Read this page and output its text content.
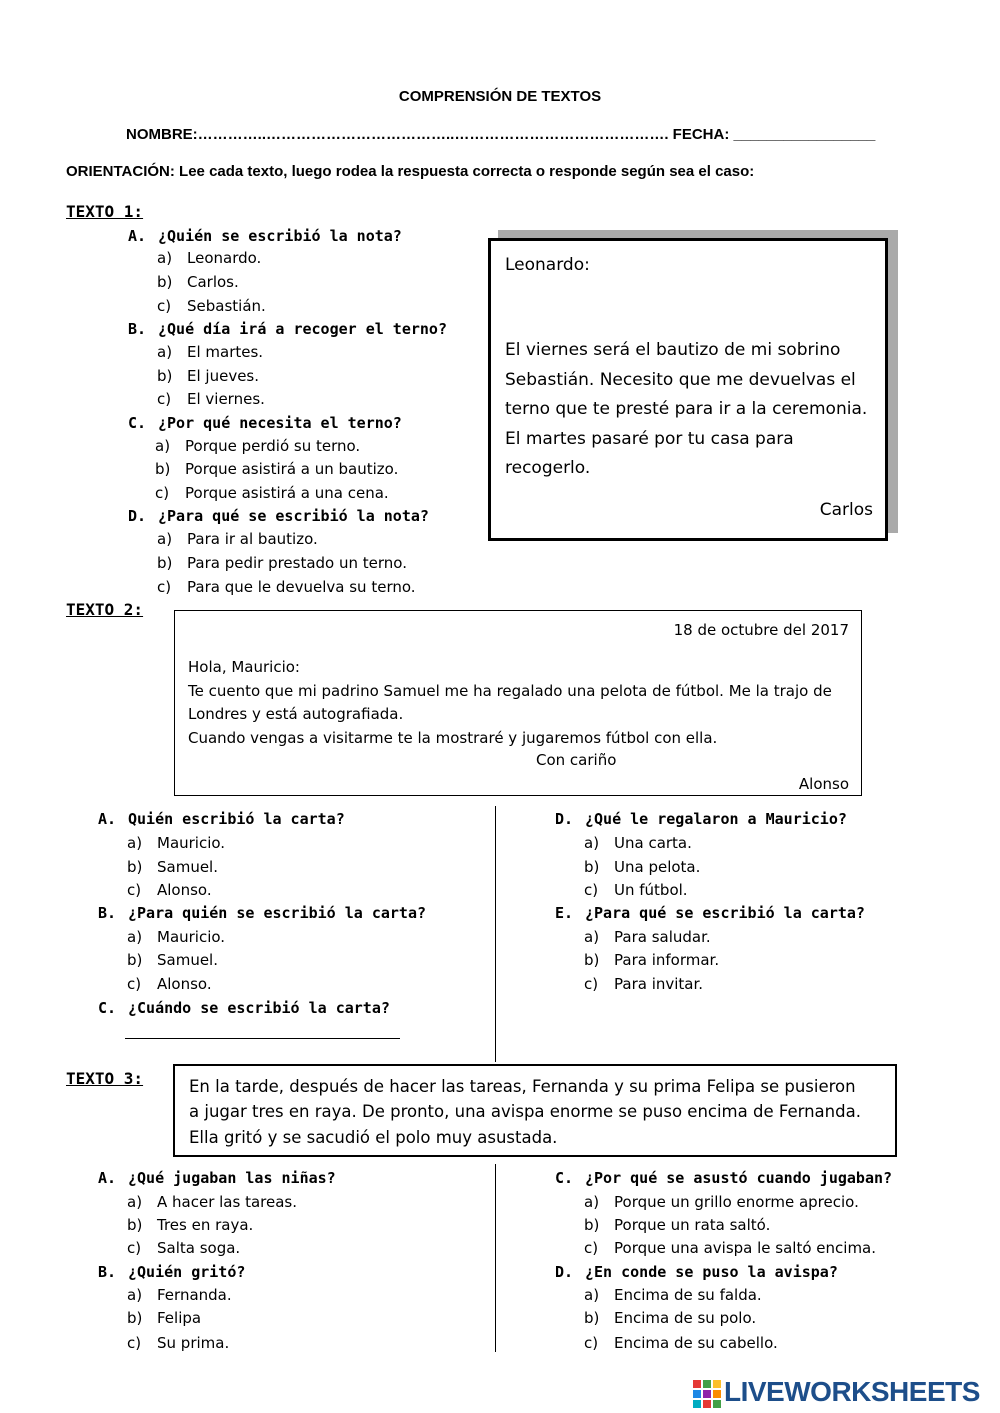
COMPRENSIÓN DE TEXTOS
NOMBRE:…………..………………………………..……………………………………. FECHA: _________________
ORIENTACIÓN: Lee cada texto, luego rodea la respuesta correcta o responde según sea el caso:
TEXTO 1:
A. ¿Quién se escribió la nota?
a) Leonardo.
b) Carlos.
c) Sebastián.
B. ¿Qué día irá a recoger el terno?
a) El martes.
b) El jueves.
c) El viernes.
C. ¿Por qué necesita el terno?
a) Porque perdió su terno.
b) Porque asistirá a un bautizo.
c) Porque asistirá a una cena.
D. ¿Para qué se escribió la nota?
a) Para ir al bautizo.
b) Para pedir prestado un terno.
c) Para que le devuelva su terno.
Leonardo:
El viernes será el bautizo de mi sobrino
Sebastián. Necesito que me devuelvas el
terno que te presté para ir a la ceremonia.
El martes pasaré por tu casa para
recogerlo.
Carlos
TEXTO 2:
18 de octubre del 2017
Hola, Mauricio:
Te cuento que mi padrino Samuel me ha regalado una pelota de fútbol. Me la trajo de
Londres y está autografiada.
Cuando vengas a visitarme te la mostraré y jugaremos fútbol con ella.
Con cariño
Alonso
A. Quién escribió la carta?
a) Mauricio.
b) Samuel.
c) Alonso.
B. ¿Para quién se escribió la carta?
a) Mauricio.
b) Samuel.
c) Alonso.
C. ¿Cuándo se escribió la carta?
D. ¿Qué le regalaron a Mauricio?
a) Una carta.
b) Una pelota.
c) Un fútbol.
E. ¿Para qué se escribió la carta?
a) Para saludar.
b) Para informar.
c) Para invitar.
TEXTO 3:	En la tarde, después de hacer las tareas, Fernanda y su prima Felipa se pusieron
a jugar tres en raya. De pronto, una avispa enorme se puso encima de Fernanda.
Ella gritó y se sacudió el polo muy asustada.
A. ¿Qué jugaban las niñas?
a) A hacer las tareas.
b) Tres en raya.
c) Salta soga.
B. ¿Quién gritó?
a) Fernanda.
b) Felipa
c) Su prima.
C. ¿Por qué se asustó cuando jugaban?
a) Porque un grillo enorme aprecio.
b) Porque un rata saltó.
c) Porque una avispa le saltó encima.
D. ¿En conde se puso la avispa?
a) Encima de su falda.
b) Encima de su polo.
c) Encima de su cabello.
LIVEWORKSHEETS
